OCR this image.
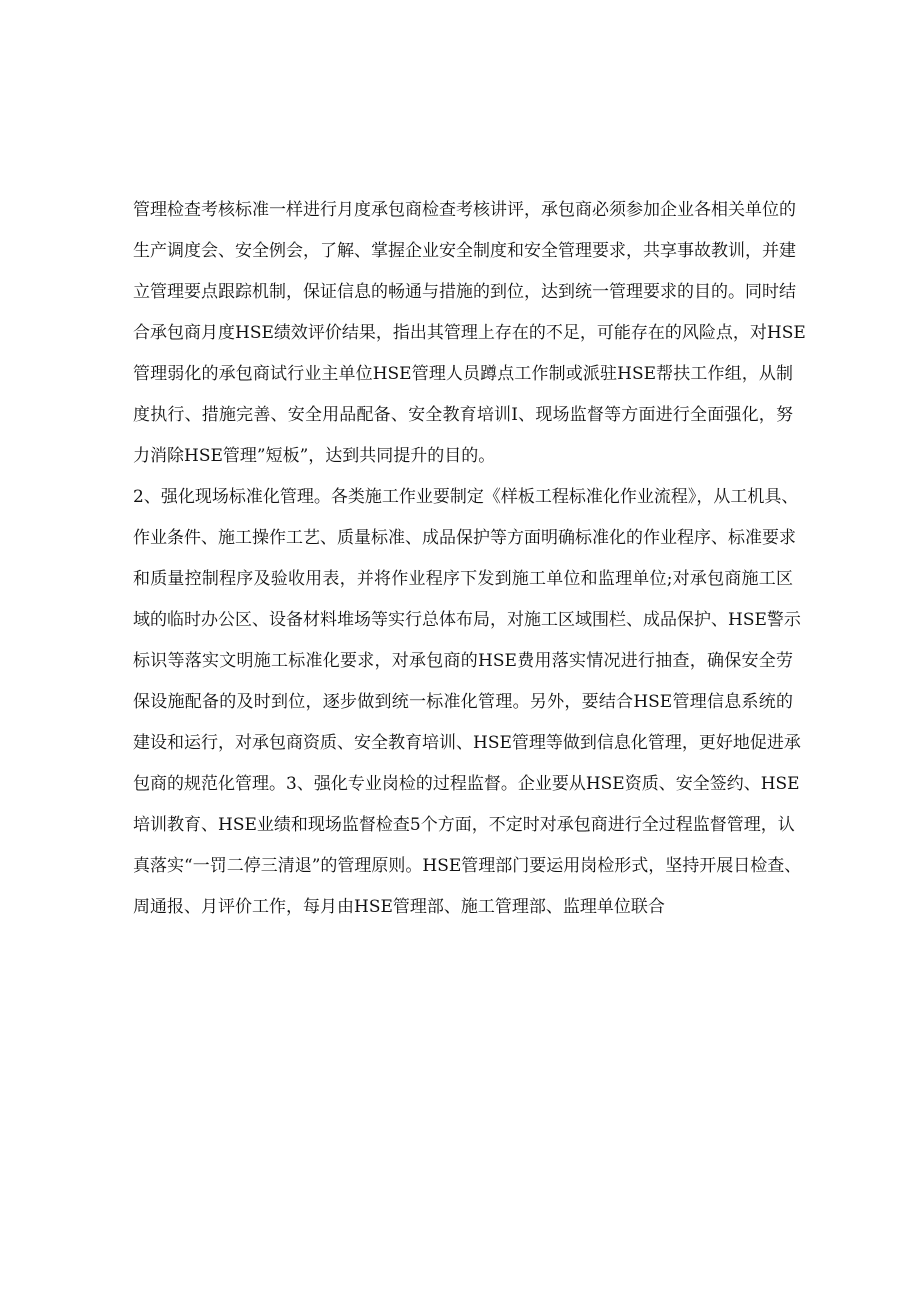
管理检查考核标准一样进行月度承包商检查考核讲评，承包商必须参加企业各相关单位的
生产调度会、安全例会，了解、掌握企业安全制度和安全管理要求，共享事故教训，并建
立管理要点跟踪机制，保证信息的畅通与措施的到位，达到统一管理要求的目的。同时结
合承包商月度HSE绩效评价结果，指出其管理上存在的不足，可能存在的风险点，对HSE
管理弱化的承包商试行业主单位HSE管理人员蹲点工作制或派驻HSE帮扶工作组，从制
度执行、措施完善、安全用品配备、安全教育培训I、现场监督等方面进行全面强化，努
力消除HSE管理”短板”，达到共同提升的目的。
2、强化现场标准化管理。各类施工作业要制定《样板工程标准化作业流程》，从工机具、
作业条件、施工操作工艺、质量标准、成品保护等方面明确标准化的作业程序、标准要求
和质量控制程序及验收用表，并将作业程序下发到施工单位和监理单位;对承包商施工区
域的临时办公区、设备材料堆场等实行总体布局，对施工区域围栏、成品保护、HSE警示
标识等落实文明施工标准化要求，对承包商的HSE费用落实情况进行抽查，确保安全劳
保设施配备的及时到位，逐步做到统一标准化管理。另外，要结合HSE管理信息系统的
建设和运行，对承包商资质、安全教育培训、HSE管理等做到信息化管理，更好地促进承
包商的规范化管理。3、强化专业岗检的过程监督。企业要从HSE资质、安全签约、HSE
培训教育、HSE业绩和现场监督检查5个方面，不定时对承包商进行全过程监督管理，认
真落实“一罚二停三清退”的管理原则。HSE管理部门要运用岗检形式，坚持开展日检查、
周通报、月评价工作，每月由HSE管理部、施工管理部、监理单位联合
